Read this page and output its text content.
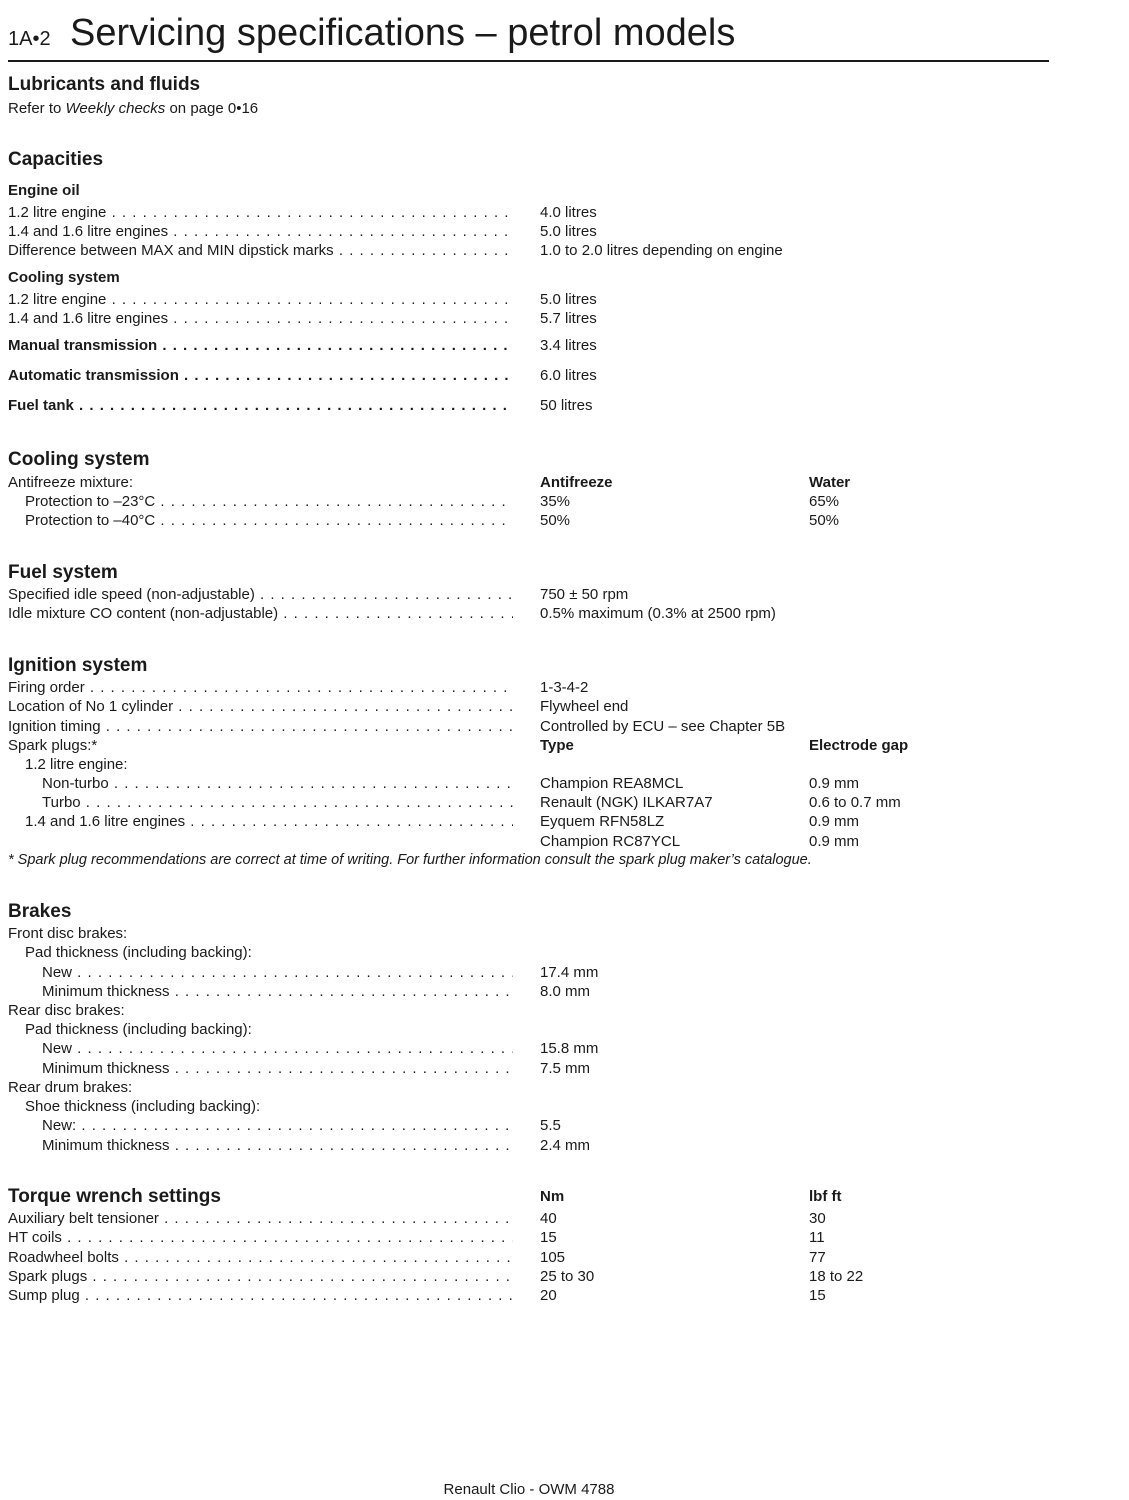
1A•2 Servicing specifications – petrol models
Lubricants and fluids
Refer to Weekly checks on page 0•16
Capacities
Engine oil
1.2 litre engine . . .	4.0 litres
1.4 and 1.6 litre engines . . .	5.0 litres
Difference between MAX and MIN dipstick marks . . .	1.0 to 2.0 litres depending on engine
Cooling system
1.2 litre engine . . .	5.0 litres
1.4 and 1.6 litre engines . . .	5.7 litres
Manual transmission . . .	3.4 litres
Automatic transmission . . .	6.0 litres
Fuel tank . . .	50 litres
Cooling system
Antifreeze mixture:	Antifreeze	Water
Protection to –23°C . . .	35%	65%
Protection to –40°C . . .	50%	50%
Fuel system
Specified idle speed (non-adjustable) . . .	750 ± 50 rpm
Idle mixture CO content (non-adjustable) . . .	0.5% maximum (0.3% at 2500 rpm)
Ignition system
Firing order . . .	1-3-4-2
Location of No 1 cylinder . . .	Flywheel end
Ignition timing . . .	Controlled by ECU – see Chapter 5B
Spark plugs:*	Type	Electrode gap
1.2 litre engine:
Non-turbo . . .	Champion REA8MCL	0.9 mm
Turbo . . .	Renault (NGK) ILKAR7A7	0.6 to 0.7 mm
1.4 and 1.6 litre engines . . .	Eyquem RFN58LZ	0.9 mm
Champion RC87YCL	0.9 mm
* Spark plug recommendations are correct at time of writing. For further information consult the spark plug maker’s catalogue.
Brakes
Front disc brakes:
Pad thickness (including backing):
New . . .	17.4 mm
Minimum thickness . . .	8.0 mm
Rear disc brakes:
Pad thickness (including backing):
New . . .	15.8 mm
Minimum thickness . . .	7.5 mm
Rear drum brakes:
Shoe thickness (including backing):
New: . . .	5.5
Minimum thickness . . .	2.4 mm
Torque wrench settings	Nm	lbf ft
Auxiliary belt tensioner . . .	40	30
HT coils . . .	15	11
Roadwheel bolts . . .	105	77
Spark plugs . . .	25 to 30	18 to 22
Sump plug . . .	20	15
Renault Clio - OWM 4788
